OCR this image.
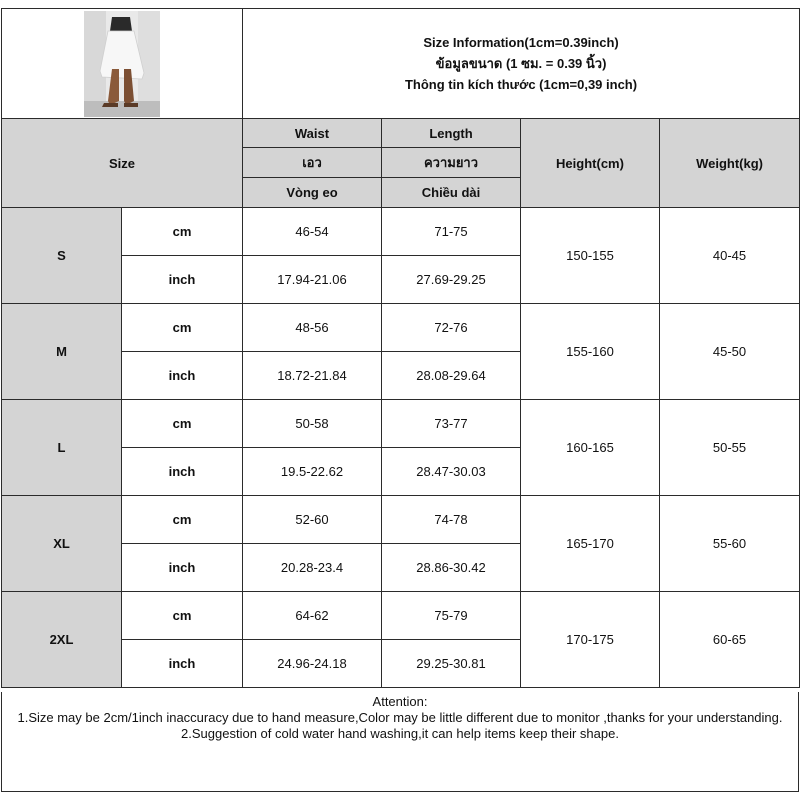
Size Information(1cm=0.39inch)
ข้อมูลขนาด (1 ซม. = 0.39 นิ้ว)
Thông tin kích thước (1cm=0,39 inch)			

Size		Waist	Length	Height(cm)	Weight(kg)
		เอว	ความยาว		
		Vòng eo	Chiều dài		
S	cm	46-54	71-75	150-155	40-45
	inch	17.94-21.06	27.69-29.25		
M	cm	48-56	72-76	155-160	45-50
	inch	18.72-21.84	28.08-29.64		
L	cm	50-58	73-77	160-165	50-55
	inch	19.5-22.62	28.47-30.03		
XL	cm	52-60	74-78	165-170	55-60
	inch	20.28-23.4	28.86-30.42		
2XL	cm	64-62	75-79	170-175	60-65
	inch	24.96-24.18	29.25-30.81		
Attention:
1.Size may be 2cm/1inch inaccuracy due to hand measure,Color may be little different due to monitor ,thanks for your understanding.
2.Suggestion of cold water hand washing,it can help items keep their shape.
